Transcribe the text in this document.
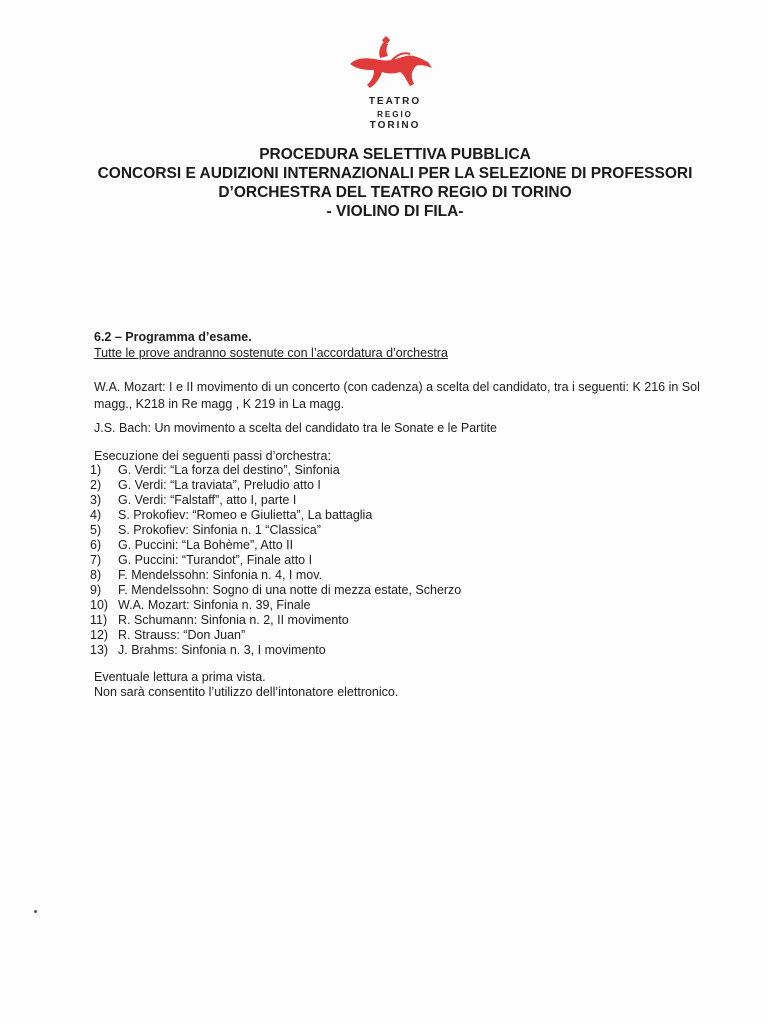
TEATRO
REGIO
TORINO
PROCEDURA SELETTIVA PUBBLICA
CONCORSI E AUDIZIONI INTERNAZIONALI PER LA SELEZIONE DI PROFESSORI
D’ORCHESTRA DEL TEATRO REGIO DI TORINO
- VIOLINO DI FILA-
6.2 – Programma d’esame.
Tutte le prove andranno sostenute con l’accordatura d’orchestra
W.A. Mozart: I e II movimento di un concerto (con cadenza) a scelta del candidato, tra i seguenti: K 216 in Sol magg., K218 in Re magg , K 219 in La magg.
J.S. Bach: Un movimento a scelta del candidato tra le Sonate e le Partite
Esecuzione dei seguenti passi d’orchestra:
1)	G. Verdi: “La forza del destino”, Sinfonia
2)	G. Verdi: “La traviata”, Preludio atto I
3)	G. Verdi: “Falstaff”, atto I, parte I
4)	S. Prokofiev: “Romeo e Giulietta”, La battaglia
5)	S. Prokofiev: Sinfonia n. 1 “Classica”
6)	G. Puccini: “La Bohème”, Atto II
7)	G. Puccini: “Turandot”, Finale atto I
8)	F. Mendelssohn: Sinfonia n. 4, I mov.
9)	F. Mendelssohn: Sogno di una notte di mezza estate, Scherzo
10) W.A. Mozart: Sinfonia n. 39, Finale
11) R. Schumann: Sinfonia n. 2, II movimento
12) R. Strauss: “Don Juan”
13) J. Brahms: Sinfonia n. 3, I movimento
Eventuale lettura a prima vista.
Non sarà consentito l’utilizzo dell’intonatore elettronico.
